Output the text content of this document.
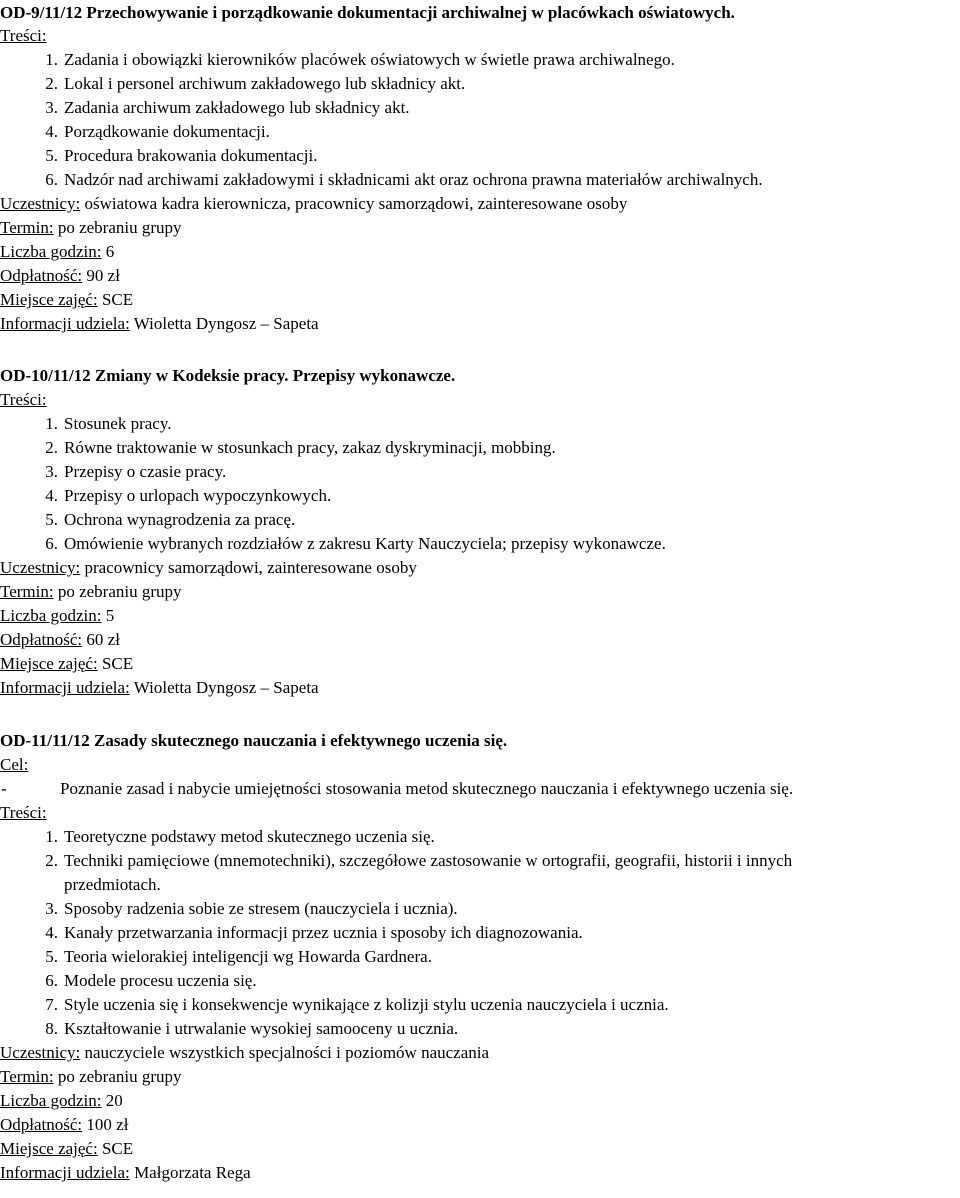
OD-9/11/12 Przechowywanie i porządkowanie dokumentacji archiwalnej w placówkach oświatowych.
Treści:
1. Zadania i obowiązki kierowników placówek oświatowych w świetle prawa archiwalnego.
2. Lokal i personel archiwum zakładowego lub składnicy akt.
3. Zadania archiwum zakładowego lub składnicy akt.
4. Porządkowanie dokumentacji.
5. Procedura brakowania dokumentacji.
6. Nadzór nad archiwami zakładowymi i składnicami akt oraz ochrona prawna materiałów archiwalnych.
Uczestnicy: oświatowa kadra kierownicza, pracownicy samorządowi, zainteresowane osoby
Termin: po zebraniu grupy
Liczba godzin: 6
Odpłatność: 90 zł
Miejsce zajęć: SCE
Informacji udziela: Wioletta Dyngosz – Sapeta
OD-10/11/12 Zmiany w Kodeksie pracy. Przepisy wykonawcze.
Treści:
1. Stosunek pracy.
2. Równe traktowanie w stosunkach pracy, zakaz dyskryminacji, mobbing.
3. Przepisy o czasie pracy.
4. Przepisy o urlopach wypoczynkowych.
5. Ochrona wynagrodzenia za pracę.
6. Omówienie wybranych rozdziałów z zakresu Karty Nauczyciela; przepisy wykonawcze.
Uczestnicy: pracownicy samorządowi, zainteresowane osoby
Termin: po zebraniu grupy
Liczba godzin: 5
Odpłatność: 60 zł
Miejsce zajęć: SCE
Informacji udziela: Wioletta Dyngosz – Sapeta
OD-11/11/12 Zasady skutecznego nauczania i efektywnego uczenia się.
Cel:
-	Poznanie zasad i nabycie umiejętności stosowania metod skutecznego nauczania i efektywnego uczenia się.
Treści:
1. Teoretyczne podstawy metod skutecznego uczenia się.
2. Techniki pamięciowe (mnemotechniki), szczegółowe zastosowanie w ortografii, geografii, historii i innych
przedmiotach.
3. Sposoby radzenia sobie ze stresem (nauczyciela i ucznia).
4. Kanały przetwarzania informacji przez ucznia i sposoby ich diagnozowania.
5. Teoria wielorakiej inteligencji wg Howarda Gardnera.
6. Modele procesu uczenia się.
7. Style uczenia się i konsekwencje wynikające z kolizji stylu uczenia nauczyciela i ucznia.
8. Kształtowanie i utrwalanie wysokiej samooceny u ucznia.
Uczestnicy: nauczyciele wszystkich specjalności i poziomów nauczania
Termin: po zebraniu grupy
Liczba godzin: 20
Odpłatność: 100 zł
Miejsce zajęć: SCE
Informacji udziela: Małgorzata Rega
